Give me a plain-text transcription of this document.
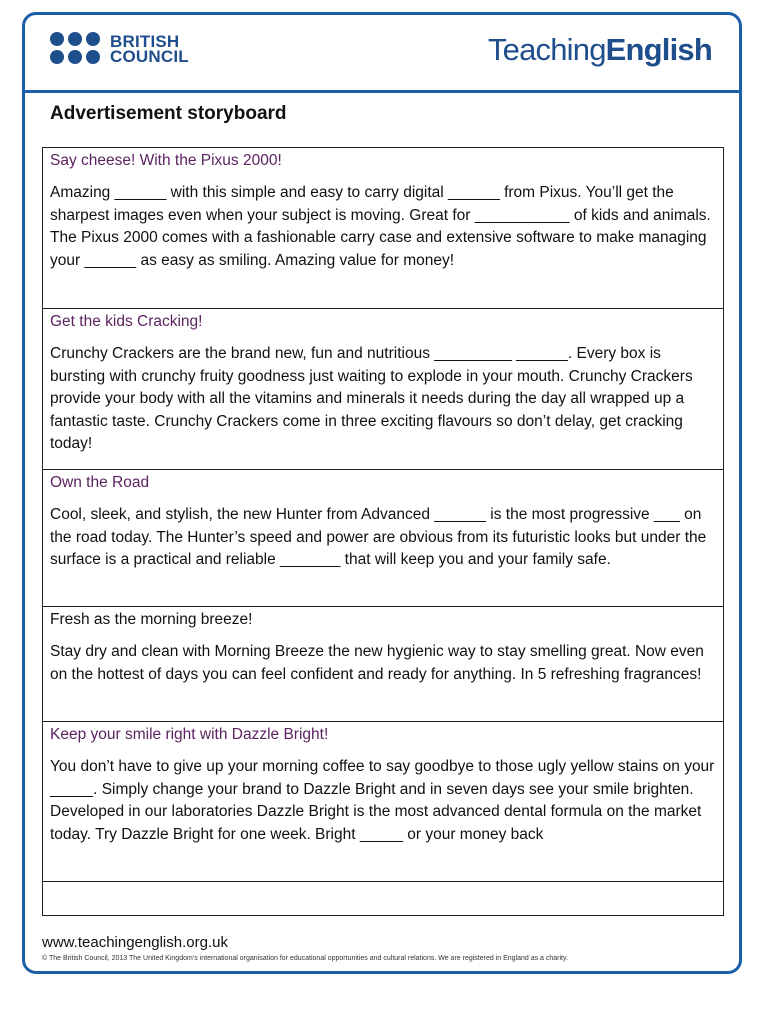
BRITISH
COUNCIL	TeachingEnglish
Advertisement storyboard
Say cheese! With the Pixus 2000!
Amazing ______ with this simple and easy to carry digital ______ from Pixus. You’ll get the sharpest images even when your subject is moving. Great for ___________ of kids and animals. The Pixus 2000 comes with a fashionable carry case and extensive software to make managing your ______ as easy as smiling. Amazing value for money!
Get the kids Cracking!
Crunchy Crackers are the brand new, fun and nutritious _________ ______. Every box is bursting with crunchy fruity goodness just waiting to explode in your mouth. Crunchy Crackers provide your body with all the vitamins and minerals it needs during the day all wrapped up a fantastic taste. Crunchy Crackers come in three exciting flavours so don’t delay, get cracking today!
Own the Road
Cool, sleek, and stylish, the new Hunter from Advanced ______ is the most progressive ___ on the road today. The Hunter’s speed and power are obvious from its futuristic looks but under the surface is a practical and reliable _______ that will keep you and your family safe.
Fresh as the morning breeze!
Stay dry and clean with Morning Breeze the new hygienic way to stay smelling great. Now even on the hottest of days you can feel confident and ready for anything. In 5 refreshing fragrances!
Keep your smile right with Dazzle Bright!
You don’t have to give up your morning coffee to say goodbye to those ugly yellow stains on your _____. Simply change your brand to Dazzle Bright and in seven days see your smile brighten. Developed in our laboratories Dazzle Bright is the most advanced dental formula on the market today. Try Dazzle Bright for one week. Bright _____ or your money back
www.teachingenglish.org.uk
© The British Council, 2013 The United Kingdom’s international organisation for educational opportunities and cultural relations. We are registered in England as a charity.
